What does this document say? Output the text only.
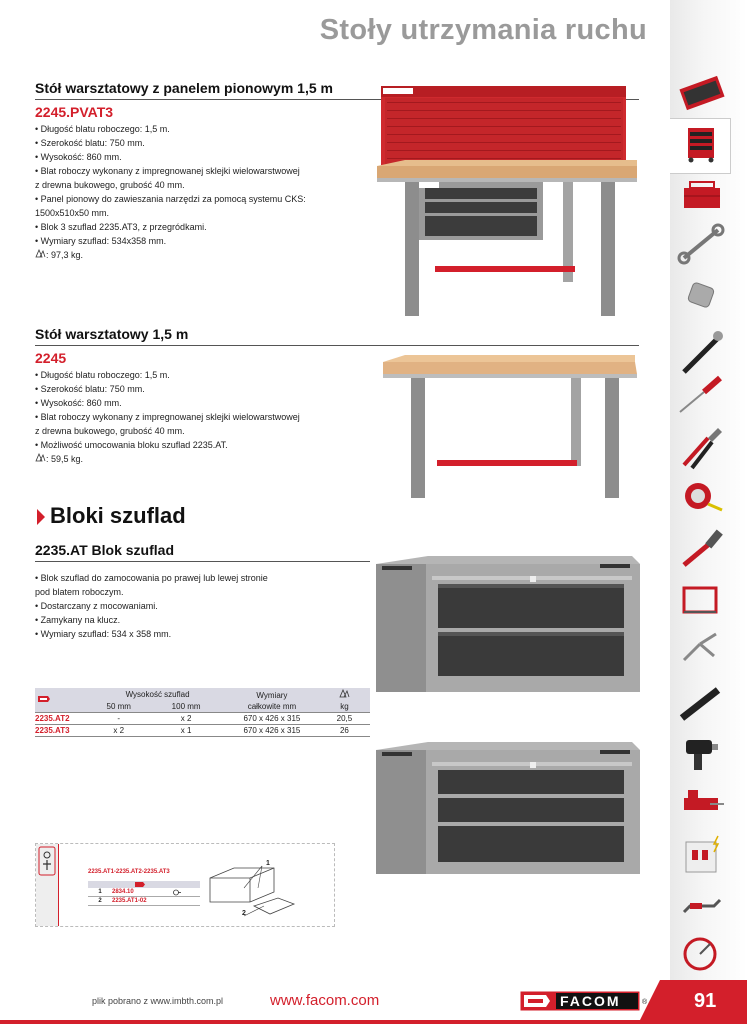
Stoły utrzymania ruchu
Stół warsztatowy z panelem pionowym 1,5 m
2245.PVAT3
• Długość blatu roboczego: 1,5 m.
• Szerokość blatu: 750 mm.
• Wysokość: 860 mm.
• Blat roboczy wykonany z impregnowanej sklejki wielowarstwowej
z drewna bukowego, grubość 40 mm.
• Panel pionowy do zawieszania narzędzi za pomocą systemu CKS:
1500x510x50 mm.
• Blok 3 szuflad 2235.AT3, z przegródkami.
• Wymiary szuflad: 534x358 mm.
: 97,3 kg.
Stół warsztatowy 1,5 m
2245
• Długość blatu roboczego: 1,5 m.
• Szerokość blatu: 750 mm.
• Wysokość: 860 mm.
• Blat roboczy wykonany z impregnowanej sklejki wielowarstwowej
z drewna bukowego, grubość 40 mm.
• Możliwość umocowania bloku szuflad 2235.AT.
: 59,5 kg.
Bloki szuflad
2235.AT Blok szuflad
• Blok szuflad do zamocowania po prawej lub lewej stronie
pod blatem roboczym.
• Dostarczany z mocowaniami.
• Zamykany na klucz.
• Wymiary szuflad: 534 x 358 mm.
	Wysokość szuflad		Wymiary	
	50 mm	100 mm	całkowite mm	kg
2235.AT2	-	x 2	670 x 426 x 315	20,5
2235.AT3	x 2	x 1	670 x 426 x 315	26
2235.AT1-2235.AT2-2235.AT3
1	2834.10
2	2235.AT1-02
1
2
plik pobrano z www.imbth.com.pl	www.facom.com	FACOM	® 91
